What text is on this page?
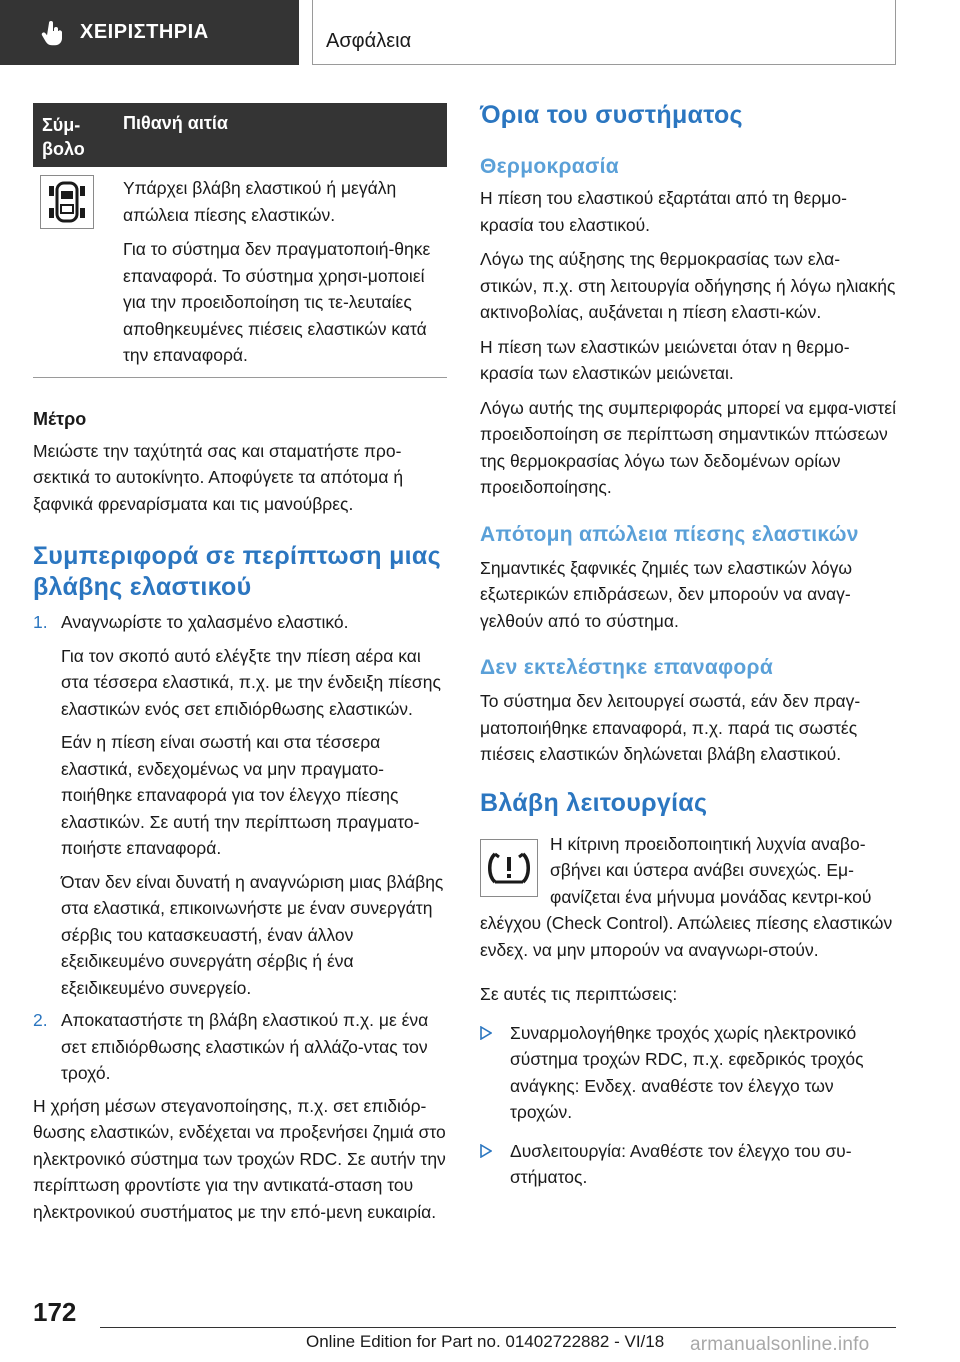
ΧΕΙΡΙΣΤΗΡΙΑ	Ασφάλεια
Σύμ-
βολο
Πιθανή αιτία

Υπάρχει βλάβη ελαστικού ή μεγάλη απώλεια πίεσης ελαστικών.

Για το σύστημα δεν πραγματοποιή-θηκε επαναφορά. Το σύστημα χρησι-μοποιεί για την προειδοποίηση τις τε-λευταίες αποθηκευμένες πιέσεις ελαστικών κατά την επαναφορά.

Μέτρο

Μειώστε την ταχύτητά σας και σταματήστε προ-σεκτικά το αυτοκίνητο. Αποφύγετε τα απότομα ή ξαφνικά φρεναρίσματα και τις μανούβρες.

Συμπεριφορά σε περίπτωση μιας βλάβης ελαστικού
1. Αναγνωρίστε το χαλασμένο ελαστικό.

Για τον σκοπό αυτό ελέγξτε την πίεση αέρα και στα τέσσερα ελαστικά, π.χ. με την ένδειξη πίεσης ελαστικών ενός σετ επιδιόρθωσης ελαστικών.

Εάν η πίεση είναι σωστή και στα τέσσερα ελαστικά, ενδεχομένως να μην πραγματο-ποιήθηκε επαναφορά για τον έλεγχο πίεσης ελαστικών. Σε αυτή την περίπτωση πραγματο-ποιήστε επαναφορά.

Όταν δεν είναι δυνατή η αναγνώριση μιας βλάβης στα ελαστικά, επικοινωνήστε με έναν συνεργάτη σέρβις του κατασκευαστή, έναν άλλον εξειδικευμένο συνεργάτη σέρβις ή ένα εξειδικευμένο συνεργείο.

2. Αποκαταστήστε τη βλάβη ελαστικού π.χ. με ένα σετ επιδιόρθωσης ελαστικών ή αλλάζο-ντας τον τροχό.

Η χρήση μέσων στεγανοποίησης, π.χ. σετ επιδιόρ-θωσης ελαστικών, ενδέχεται να προξενήσει ζημιά στο ηλεκτρονικό σύστημα των τροχών RDC. Σε αυτήν την περίπτωση φροντίστε για την αντικατά-σταση του ηλεκτρονικού συστήματος με την επό-μενη ευκαιρία.

Όρια του συστήματος
Θερμοκρασία

Η πίεση του ελαστικού εξαρτάται από τη θερμο-κρασία του ελαστικού.

Λόγω της αύξησης της θερμοκρασίας των ελα-στικών, π.χ. στη λειτουργία οδήγησης ή λόγω ηλιακής ακτινοβολίας, αυξάνεται η πίεση ελαστι-κών.

Η πίεση των ελαστικών μειώνεται όταν η θερμο-κρασία των ελαστικών μειώνεται.

Λόγω αυτής της συμπεριφοράς μπορεί να εμφα-νιστεί προειδοποίηση σε περίπτωση σημαντικών πτώσεων της θερμοκρασίας λόγω των δεδομένων ορίων προειδοποίησης.

Απότομη απώλεια πίεσης ελαστικών

Σημαντικές ξαφνικές ζημιές των ελαστικών λόγω εξωτερικών επιδράσεων, δεν μπορούν να αναγ-γελθούν από το σύστημα.

Δεν εκτελέστηκε επαναφορά

Το σύστημα δεν λειτουργεί σωστά, εάν δεν πραγ-ματοποιήθηκε επαναφορά, π.χ. παρά τις σωστές πιέσεις ελαστικών δηλώνεται βλάβη ελαστικού.

Βλάβη λειτουργίας

Η κίτρινη προειδοποιητική λυχνία αναβο-σβήνει και ύστερα ανάβει συνεχώς. Εμ-φανίζεται ένα μήνυμα μονάδας κεντρι-κού ελέγχου (Check Control). Απώλειες πίεσης ελαστικών ενδεχ. να μην μπορούν να αναγνωρι-στούν.

Σε αυτές τις περιπτώσεις:

Συναρμολογήθηκε τροχός χωρίς ηλεκτρονικό σύστημα τροχών RDC, π.χ. εφεδρικός τροχός ανάγκης: Ενδεχ. αναθέστε τον έλεγχο των τροχών.
Δυσλειτουργία: Αναθέστε τον έλεγχο του συ-στήματος.
172
Online Edition for Part no. 01402722882 - VI/18 armanualsonline.info
